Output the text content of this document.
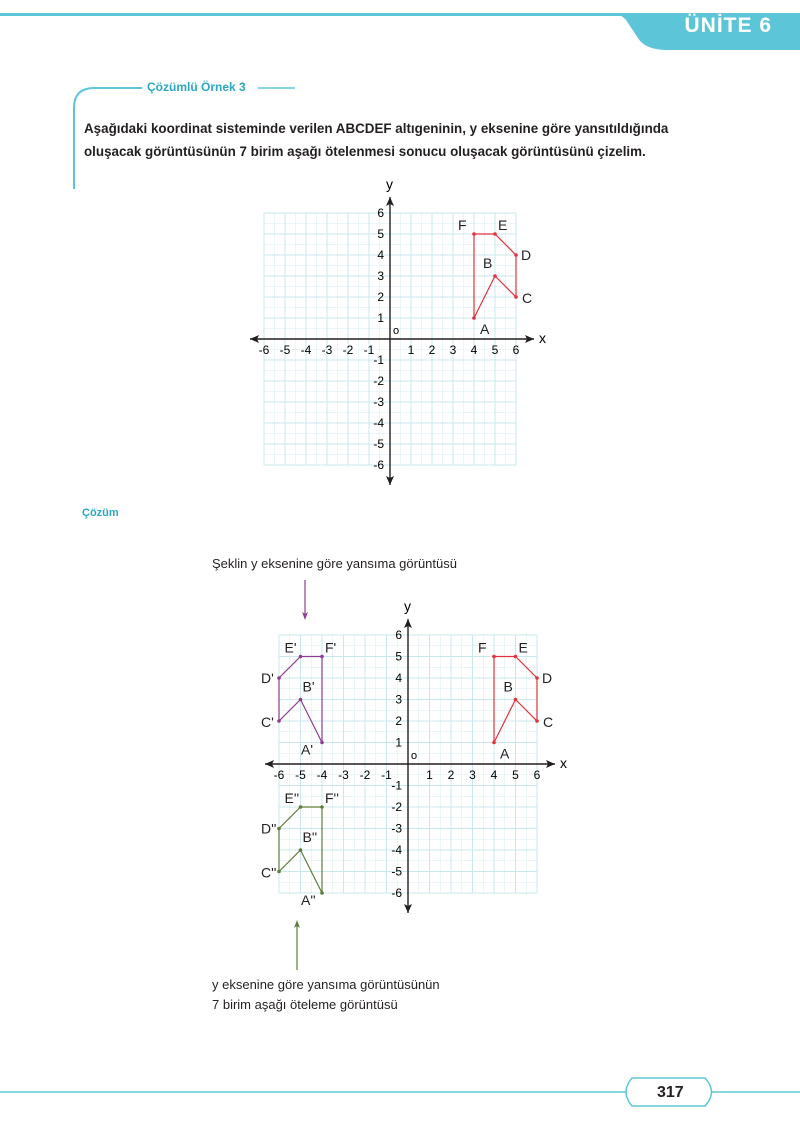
ÜNİTE 6
Çözümlü Örnek 3
Aşağıdaki koordinat sisteminde verilen ABCDEF altıgeninin, y eksenine göre yansıtıldığında
oluşacak görüntüsünün 7 birim aşağı ötelenmesi sonucu oluşacak görüntüsünü çizelim.
x
y
o
-6 -5 -4 -3 -2 -1	1 2 3 4 5 6
6
5
4
3
2
1
-1
-2
-3
-4
-5
-6
A
B
C
D
E
F
Çözüm
Şeklin y eksenine göre yansıma görüntüsü
x
y
o
-6 -5 -4 -3 -2 -1	1 2 3 4 5 6
6
5
4
3
2
1
-1
-2
-3
-4
-5
-6
A
B
C
D
E
F
A'
B'
C'
D'
E' F'
A''
B''
C''
D''
E'' F''
y eksenine göre yansıma görüntüsünün
7 birim aşağı öteleme görüntüsü
317
